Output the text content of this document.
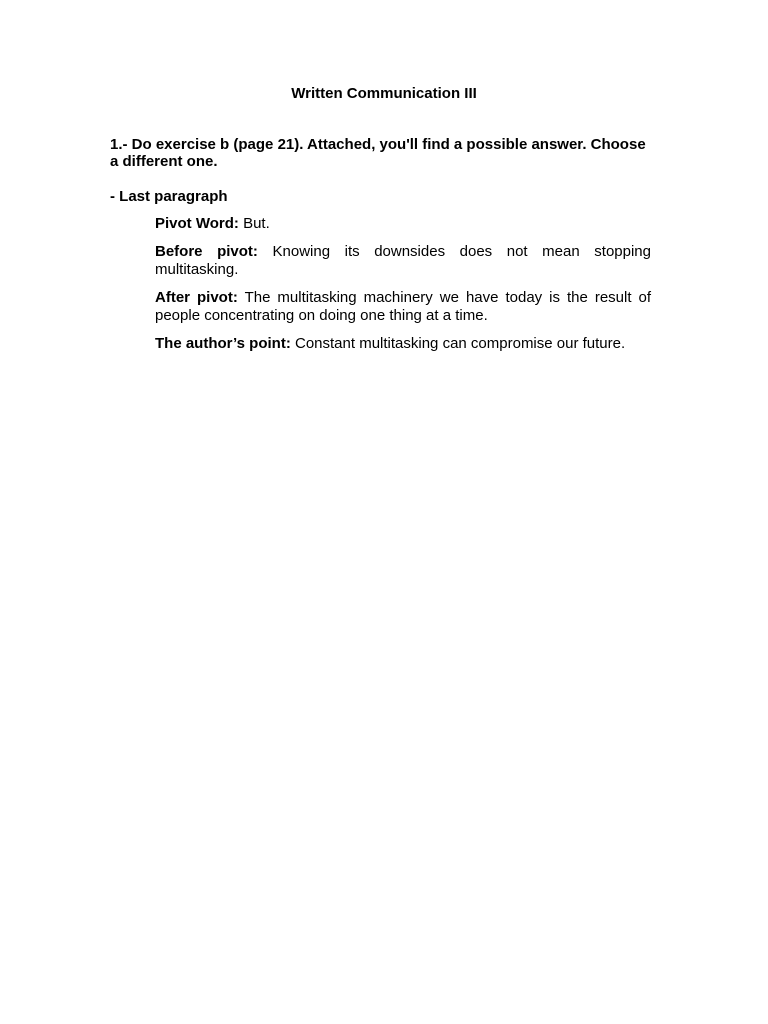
Written Communication III
1.- Do exercise b (page 21). Attached, you'll find a possible answer. Choose a different one.
- Last paragraph
Pivot Word: But.
Before pivot: Knowing its downsides does not mean stopping multitasking.
After pivot: The multitasking machinery we have today is the result of people concentrating on doing one thing at a time.
The author’s point: Constant multitasking can compromise our future.
